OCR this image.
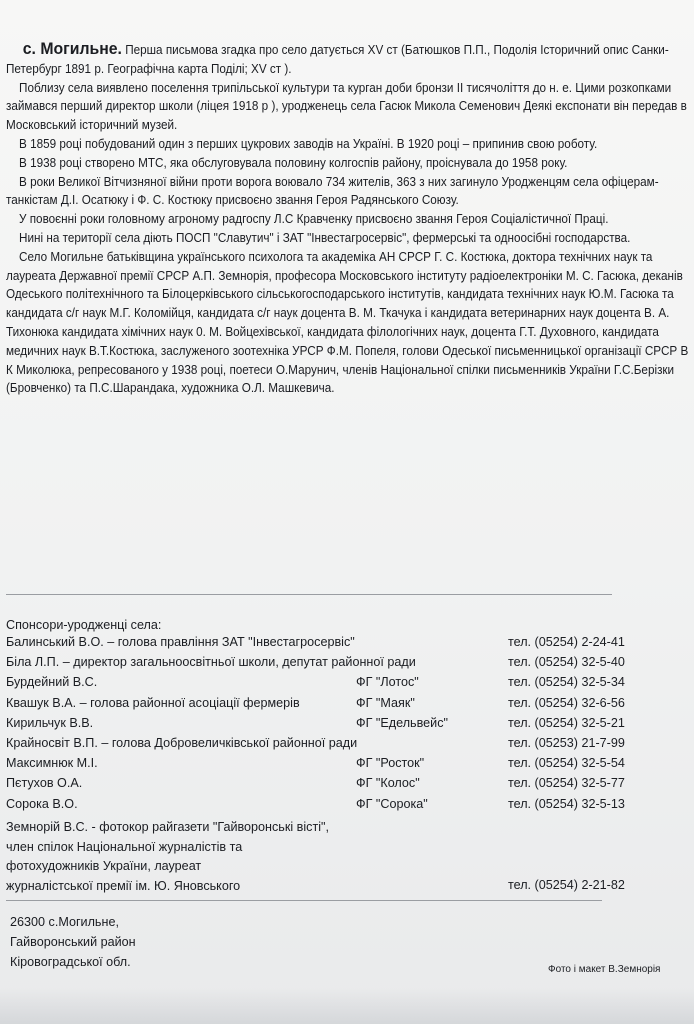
с. Могильне. Перша письмова згадка про село датується XV ст (Батюшков П.П., Подолія Історичний опис Санки-Петербург 1891 р. Географічна карта Поділі; XV ст ).

Поблизу села виявлено поселення трипільської культури та курган доби бронзи ІІ тисячоліття до н. е. Цими розкопками займався перший директор школи (ліцея 1918 р ), уродженець села Гасюк Микола Семенович Деякі експонати він передав в Московський історичний музей.

В 1859 році побудований один з перших цукрових заводів на Україні. В 1920 році – припинив свою роботу.

В 1938 році створено МТС, яка обслуговувала половину колгоспів району, проіснувала до 1958 року.

В роки Великої Вітчизняної війни проти ворога воювало 734 жителів, 363 з них загинуло Уродженцям села офіцерам-танкістам Д.І. Осатюку і Ф. С. Костюку присвоєно звання Героя Радянського Союзу.

У повоєнні роки головному агроному радгоспу Л.С Кравченку присвоєно звання Героя Соціалістичної Праці.

Нині на території села діють ПОСП "Славутич" і ЗАТ "Інвестагросервіс", фермерські та одноосібні господарства.

Село Могильне батьківщина українського психолога та академіка АН СРСР Г. С. Костюка, доктора технічних наук та лауреата Державної премії СРСР А.П. Земнорія, професора Московського інституту радіоелектроніки М. С. Гасюка, деканів Одеського політехнічного та Білоцерківського сільськогосподарського інститутів, кандидата технічних наук Ю.М. Гасюка та кандидата с/г наук М.Г. Коломійця, кандидата с/г наук доцента В. М. Ткачука і кандидата ветеринарних наук доцента В. А. Тихонюка кандидата хімічних наук 0. М. Войцехівської, кандидата філологічних наук, доцента Г.Т. Духовного, кандидата медичних наук В.Т.Костюка, заслуженого зоотехніка УРСР Ф.М. Попеля, голови Одеської письменницької організації СРСР В К Миколюка, репресованого у 1938 році, поетеси О.Марунич, членів Національної спілки письменників України Г.С.Берізки (Бровченко) та П.С.Шарандака, художника О.Л. Машкевича.

Спонсори-уродженці села:
Балинський В.О. – голова правління ЗАТ "Інвестагросервіс"	тел. (05254) 2-24-41
Біла Л.П. – директор загальноосвітньої школи, депутат районної ради	тел. (05254) 32-5-40
Бурдейний В.С.	ФГ "Лотос"	тел. (05254) 32-5-34
Квашук В.А. – голова районної асоціації фермерів	ФГ "Маяк"	тел. (05254) 32-6-56
Кирильчук В.В.	ФГ "Едельвейс"	тел. (05254) 32-5-21
Крайносвіт В.П. – голова Добровеличківської районної ради	тел. (05253) 21-7-99
Максимнюк М.І.	ФГ "Росток"	тел. (05254) 32-5-54
Пєтухов О.А.	ФГ "Колос"	тел. (05254) 32-5-77
Сорока В.О.	ФГ "Сорока"	тел. (05254) 32-5-13
Земнорій В.С. - фотокор райгазети "Гайворонські вісті",
член спілок Національної журналістів та
фотохудожників України, лауреат
журналістської премії ім. Ю. Яновського	тел. (05254) 2-21-82
26300 с.Могильне,
Гайворонський район
Кіровоградської обл.
Фото і макет В.Земнорія
